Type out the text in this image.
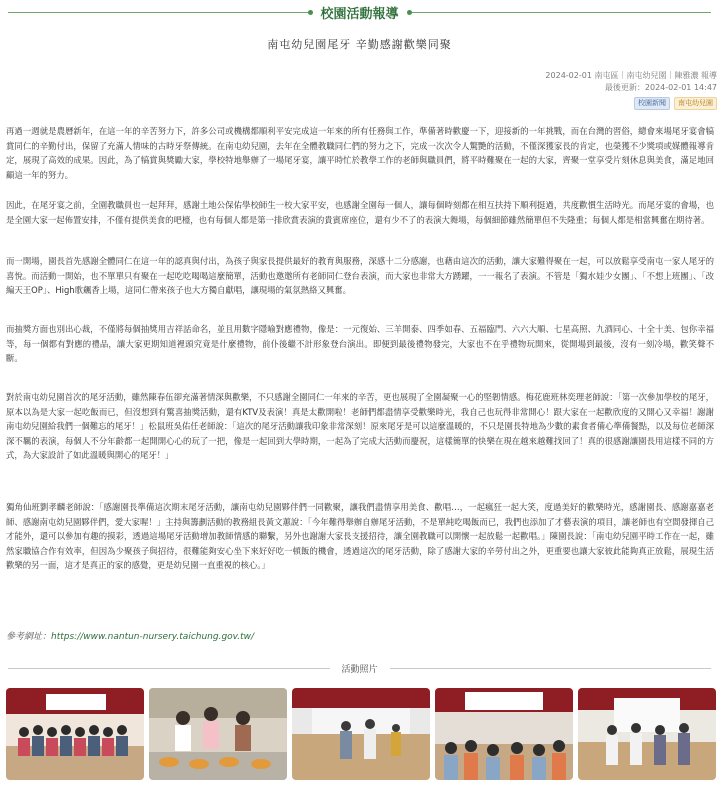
校園活動報導
南屯幼兒園尾牙 辛勤感謝歡樂同聚
2024-02-01 南屯區｜南屯幼兒園｜陳雅濃 報導
最後更新：2024-02-01 14:47
校園新聞	南屯幼兒園

再過一週就是農曆新年，在這一年的辛苦努力下，許多公司或機構都順利平安完成這一年來的所有任務與工作，準備著時歡慶一下，迎接新的一年挑戰，而在台灣的習俗，總會來場尾牙宴會犒賞同仁的辛勤付出，保留了充滿人情味的古時牙祭傳統。在南屯幼兒園，去年在全體教職同仁們的努力之下，完成一次次令人驚艷的活動，不僅深獲家長的肯定，也榮獲不少獎項或媒體報導肯定，展現了高效的成果。因此，為了犒賞與獎勵大家，學校特地舉辦了一場尾牙宴，讓平時忙於教學工作的老師與職員們，將平時難聚在一起的大家，齊聚一堂享受片刻休息與美食，滿足地回顧這一年的努力。

因此，在尾牙宴之前，全園教職員也一起拜拜，感謝土地公保佑學校師生一校大家平安，也感謝全園每一個人，讓每個時刻都在相互扶持下順利挺過，共度歡慣生活時光。而尾牙宴的會場，也是全園大家一起佈置安排，不僅有提供美食的吧檯，也有每個人都是第一排欣賞表演的貴賓席座位，還有少不了的表演大舞場，每個細節雖然簡單但不失隆重；每個人都是相當興奮在期待著。

而一開場，園長首先感謝全體同仁在這一年的認真與付出，為孩子與家長提供最好的教育與服務，深感十二分感謝，也藉由這次的活動，讓大家難得聚在一起，可以放鬆享受南屯一家人尾牙的喜悅。而活動一開始，也不單單只有聚在一起吃吃喝喝這麼簡單，活動也邀邀所有老師同仁登台表演，而大家也非常大方踴躍，一一報名了表演。不管是「獨水娃少女團」、「不想上班團」、「改編天王OP」、High歌飆香上場，這同仁帶來孩子也大方獨自獻唱，讓現場的氣氛熱絡又興奮。

而抽獎方面也別出心裁，不僅將每個抽獎用吉祥話命名，並且用數字隱喻對應禮物，像是：一元復始、三羊開泰、四季如春、五福臨門、六六大順、七星高照、九酒同心、十全十美、包你幸福等，每一個都有對應的禮品，讓大家更期知道裡頭究竟是什麼禮物，前仆後繼不計形象登台演出。即便到最後禮物發完，大家也不在乎禮物玩開來，從開場到最後，沒有一刻冷場，歡笑聲不斷。

對於南屯幼兒園首次的尾牙活動，雖然陳春伍卻充滿著情深與歡樂，不只感謝全園同仁一年來的辛苦，更也展現了全園凝聚一心的堅韌情感。梅花鹿班林奕理老師說：「第一次參加學校的尾牙，原本以為是大家一起吃飯而已，但沒想到有驚喜抽獎活動，還有KTV及表演！真是太歡開啦！老師們都盡情享受歡樂時光，我自己也玩得非常開心！跟大家在一起歡欣度的又開心又幸福！謝謝南屯幼兒園給我們一個難忘的尾牙！」松鼠班吳佑任老師說：「這次的尾牙活動讓我印象非常深刻！原來尾牙是可以這麼溫暖的，不只是園長特地為少數的素食者備心準備餐點，以及每位老師深深不羈的表演，每個人不分年齡都一起開開心心的玩了一把，像是一起回到大學時期，一起為了完成大活動而慶祝，這樣簡單的快樂在現在越來越難找回了！真的很感謝讓園長用這樣不同的方式，為大家設計了如此溫暖與開心的尾牙！」

獨角仙班劉孝麟老師說：「感謝園長準備這次期末尾牙活動，讓南屯幼兒園夥伴們一同歡聚，讓我們盡情享用美食、歡唱…，一起瘋狂一起大笑，度過美好的歡樂時光，感謝園長、感謝嘉嘉老師、感謝南屯幼兒園夥伴們，愛大家喔！」主持與籌劃活動的教務組長黃文蕙說：「今年難得舉辦自辦尾牙活動，不是單純吃喝飯而已，我們也添加了才藝表演的項目，讓老師也有空間發揮自己才能外，還可以參加有趣的摸彩，透過這場尾牙活動增加教師情感的聯繫，另外也謝謝大家長支援招待，讓全園教職可以開懷一起放鬆一起歡唱。」陳園長說：「南屯幼兒園平時工作在一起，雖然家職協合作有效率，但因為少聚孩子與招待，很難能夠安心坐下來好好吃一頓飯的機會，透過這次的尾牙活動，除了感謝大家的辛勞付出之外，更重要也讓大家彼此能夠真正放鬆，展現生活歡樂的另一面，這才是真正的家的感覺，更是幼兒園一直重視的核心。」

參考網址：https://www.nantun-nursery.taichung.gov.tw/
活動照片
